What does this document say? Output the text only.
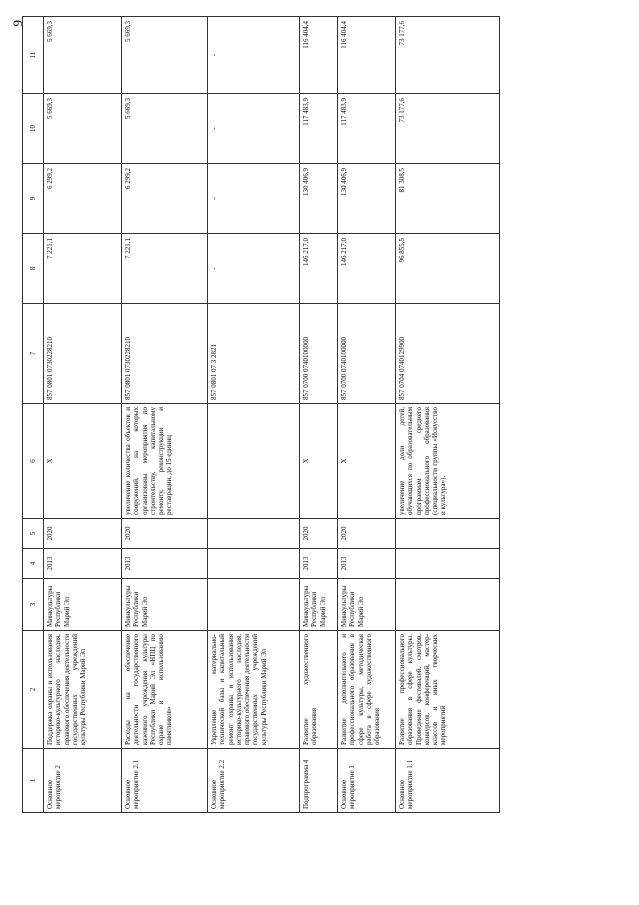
9
1	2	3	4	5	6	7	8	9	10	11
Основное мероприятие 2	Поддержка охраны и использования историко-культурного наследия, правового обеспечения деятельности государственных учреждений культуры Республики Марий Эл	Минкультуры Республики Марий Эл	2013	2020	X	857 0801 0730228210	7 221,1	6 299,2	5 669,3	5 669,3
Основное мероприятие 2.1	Расходы на обеспечение деятельности государственного казенного учреждения культуры Республики Марий Эл «НПЦ по охране и использованию памятников»	Минкультуры Республики Марий Эл	2013	2020	увеличение количества объектов и сооружений, на которых организованы мероприятия по строительству, капитальному ремонту, реконструкции и реставрации, до 15 единиц	857 0801 0730228210	7 221,1	6 299,2	5 669,3	5 669,3
Основное мероприятие 2.2	Укрепление материально-технической базы и капитальный ремонт охраны и использования историко-культурного наследия, правового обеспечения деятельности государственных учреждений культуры Республики Марий Эл					857 0801 07 3 2821	-	-	-	-
Подпрограмма 4	Развитие художественного образования	Минкультуры Республики Марий Эл	2013	2020	X	857 0700 0740100000	146 217,0	130 406,9	117 483,9	116 404,4
Основное мероприятие 1	Развитие дополнительного и профессионального образования в сфере культуры, методическая работа в сфере художественного образования	Минкультуры Республики Марий Эл	2013	2020	X	857 0700 0740100000	146 217,0	130 406,9	117 483,9	116 404,4
Основное мероприятие 1.1	Развитие профессионального образования в сфере культуры. Проведение фестивалей, смотров, конкурсов, конференций, мастер-классов и иных творческих мероприятий				увеличение доли детей, обучающихся по образовательным программам среднего профессионального образования (специальности группы «Искусство и культура»),	857 0704 0740129900	96 855,5	81 308,5	73 177,6	73 177,6
